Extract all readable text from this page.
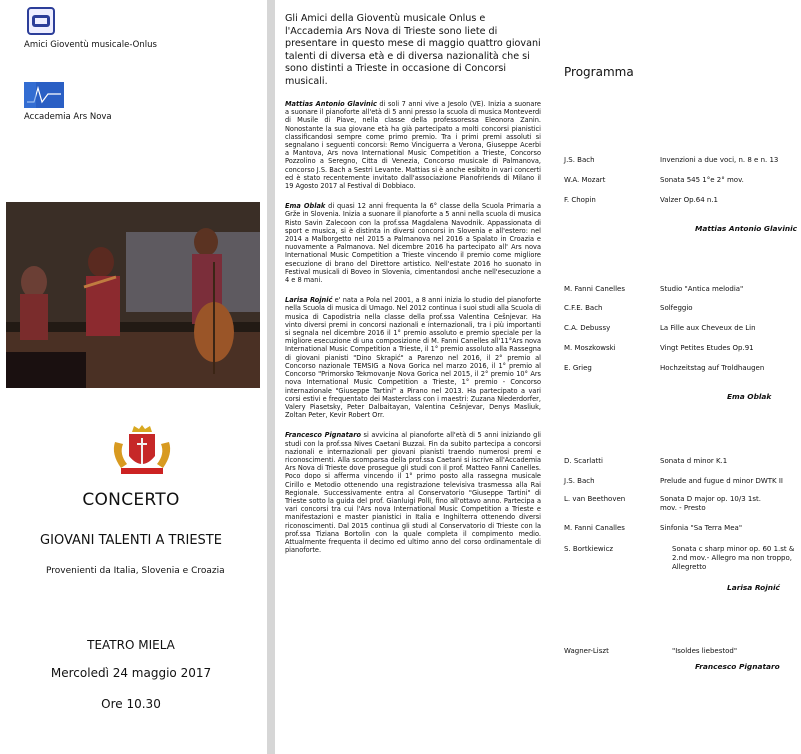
Amici Gioventù musicale-Onlus
Accademia Ars Nova
CONCERTO
GIOVANI TALENTI A TRIESTE
Provenienti da Italia, Slovenia e Croazia
TEATRO MIELA
Mercoledì 24 maggio 2017
Ore 10.30
Gli Amici della Gioventù musicale Onlus e l'Accademia Ars Nova di Trieste sono liete di presentare in questo mese di maggio quattro giovani talenti di diversa età e di diversa nazionalità che si sono distinti a Trieste in occasione di Concorsi musicali.
Mattias Antonio Glavinic di soli 7 anni vive a Jesolo (VE). Inizia a suonare a suonare il pianoforte all'età di 5 anni presso la scuola di musica Monteverdi di Musile di Piave, nella classe della professoressa Eleonora Zanin. Nonostante la sua giovane età ha già partecipato a molti concorsi pianistici classificandosi sempre come primo premio. Tra i primi premi assoluti si segnalano i seguenti concorsi: Remo Vinciguerra a Verona, Giuseppe Acerbi a Mantova, Ars nova International Music Competition a Trieste, Concorso Pozzolino a Seregno, Citta di Venezia, Concorso musicale di Palmanova, concorso J.S. Bach a Sestri Levante. Mattias si è anche esibito in vari concerti ed è stato recentemente invitato dall'associazione Pianofriends di Milano il 19 Agosto 2017 al Festival di Dobbiaco.
Ema Oblak di quasi 12 anni frequenta la 6° classe della Scuola Primaria a Grže in Slovenia. Inizia a suonare il pianoforte a 5 anni nella scuola di musica Risto Savin Zalecoon con la prof.ssa Magdalena Navodnik. Appassionata di sport e musica, si è distinta in diversi concorsi in Slovenia e all'estero: nel 2014 a Malborgetto nel 2015 a Palmanova nel 2016 a Spalato in Croazia e nuovamente a Palmanova. Nel dicembre 2016 ha partecipato all' Ars nova International Music Competition a Trieste vincendo il premio come migliore esecuzione di brano del Direttore artistico. Nell'estate 2016 ho suonato in Festival musicali di Boveo in Slovenia, cimentandosi anche nell'esecuzione a 4 e 8 mani.
Larisa Rojnić e' nata a Pola nel 2001, a 8 anni inizia lo studio del pianoforte nella Scuola di musica di Umago. Nel 2012 continua i suoi studi alla Scuola di musica di Capodistria nella classe della prof.ssa Valentina Cešnjevar. Ha vinto diversi premi in concorsi nazionali e internazionali, tra i più importanti si segnala nel dicembre 2016 il 1° premio assoluto e premio speciale per la migliore esecuzione di una composizione di M. Fanni Canelles all'11°Ars nova International Music Competition a Trieste, il 1° premio assoluto alla Rassegna di giovani pianisti "Dino Skrapić" a Parenzo nel 2016, il 2° premio al Concorso nazionale TEMSIG a Nova Gorica nel marzo 2016, il 1° premio al Concorso "Primorsko Tekmovanje Nova Gorica nel 2015, il 2° premio 10° Ars nova International Music Competition a Trieste, 1° premio - Concorso internazionale "Giuseppe Tartini" a Pirano nel 2013. Ha partecipato a vari corsi estivi e frequentato dei Masterclass con i maestri: Zuzana Niederdorfer, Valery Piasetsky, Peter Dalbaitayan, Valentina Cešnjevar, Denys Masliuk, Zoltan Peter, Kevir Robert Orr.
Francesco Pignataro si avvicina al pianoforte all'età di 5 anni iniziando gli studi con la prof.ssa Nives Caetani Buzzai. Fin da subito partecipa a concorsi nazionali e internazionali per giovani pianisti traendo numerosi premi e riconoscimenti. Alla scomparsa della prof.ssa Caetani si iscrive all'Accademia Ars Nova di Trieste dove prosegue gli studi con il prof. Matteo Fanni Canelles. Poco dopo si afferma vincendo il 1° primo posto alla rassegna musicale Cirillo e Metodio ottenendo una registrazione televisiva trasmessa alla Rai Regionale. Successivamente entra al Conservatorio "Giuseppe Tartini" di Trieste sotto la guida del prof. Gianluigi Polli, fino all'ottavo anno. Partecipa a vari concorsi tra cui l'Ars nova International Music Competition a Trieste e manifestazioni e master pianistici in Italia e Inghilterra ottenendo diversi riconoscimenti. Dal 2015 continua gli studi al Conservatorio di Trieste con la prof.ssa Tiziana Bortolin con la quale completa il compimento medio. Attualmente frequenta il decimo ed ultimo anno del corso ordinamentale di pianoforte.
Programma
J.S. Bach	Invenzioni a due voci, n. 8 e n. 13
W.A. Mozart	Sonata 545 1°e 2° mov.
F. Chopin	Valzer Op.64 n.1
Mattias Antonio Glavinic
M. Fanni Canelles	Studio "Antica melodia"
C.F.E. Bach	Solfeggio
C.A. Debussy	La Fille aux Cheveux de Lin
M. Moszkowski	Vingt Petites Etudes Op.91
E. Grieg	Hochzeitstag auf Troldhaugen
Ema Oblak
D. Scarlatti	Sonata d minor K.1
J.S. Bach	Prelude and fugue d minor DWTK II
L. van Beethoven	Sonata D major op. 10/3 1st. mov. - Presto
M. Fanni Canalles	Sinfonia "Sa Terra Mea"
S. Bortkiewicz	Sonata c sharp minor op. 60 1.st & 2.nd mov.- Allegro ma non troppo, Allegretto
Larisa Rojnić
Wagner-Liszt	"Isoldes liebestod"
Francesco Pignataro
